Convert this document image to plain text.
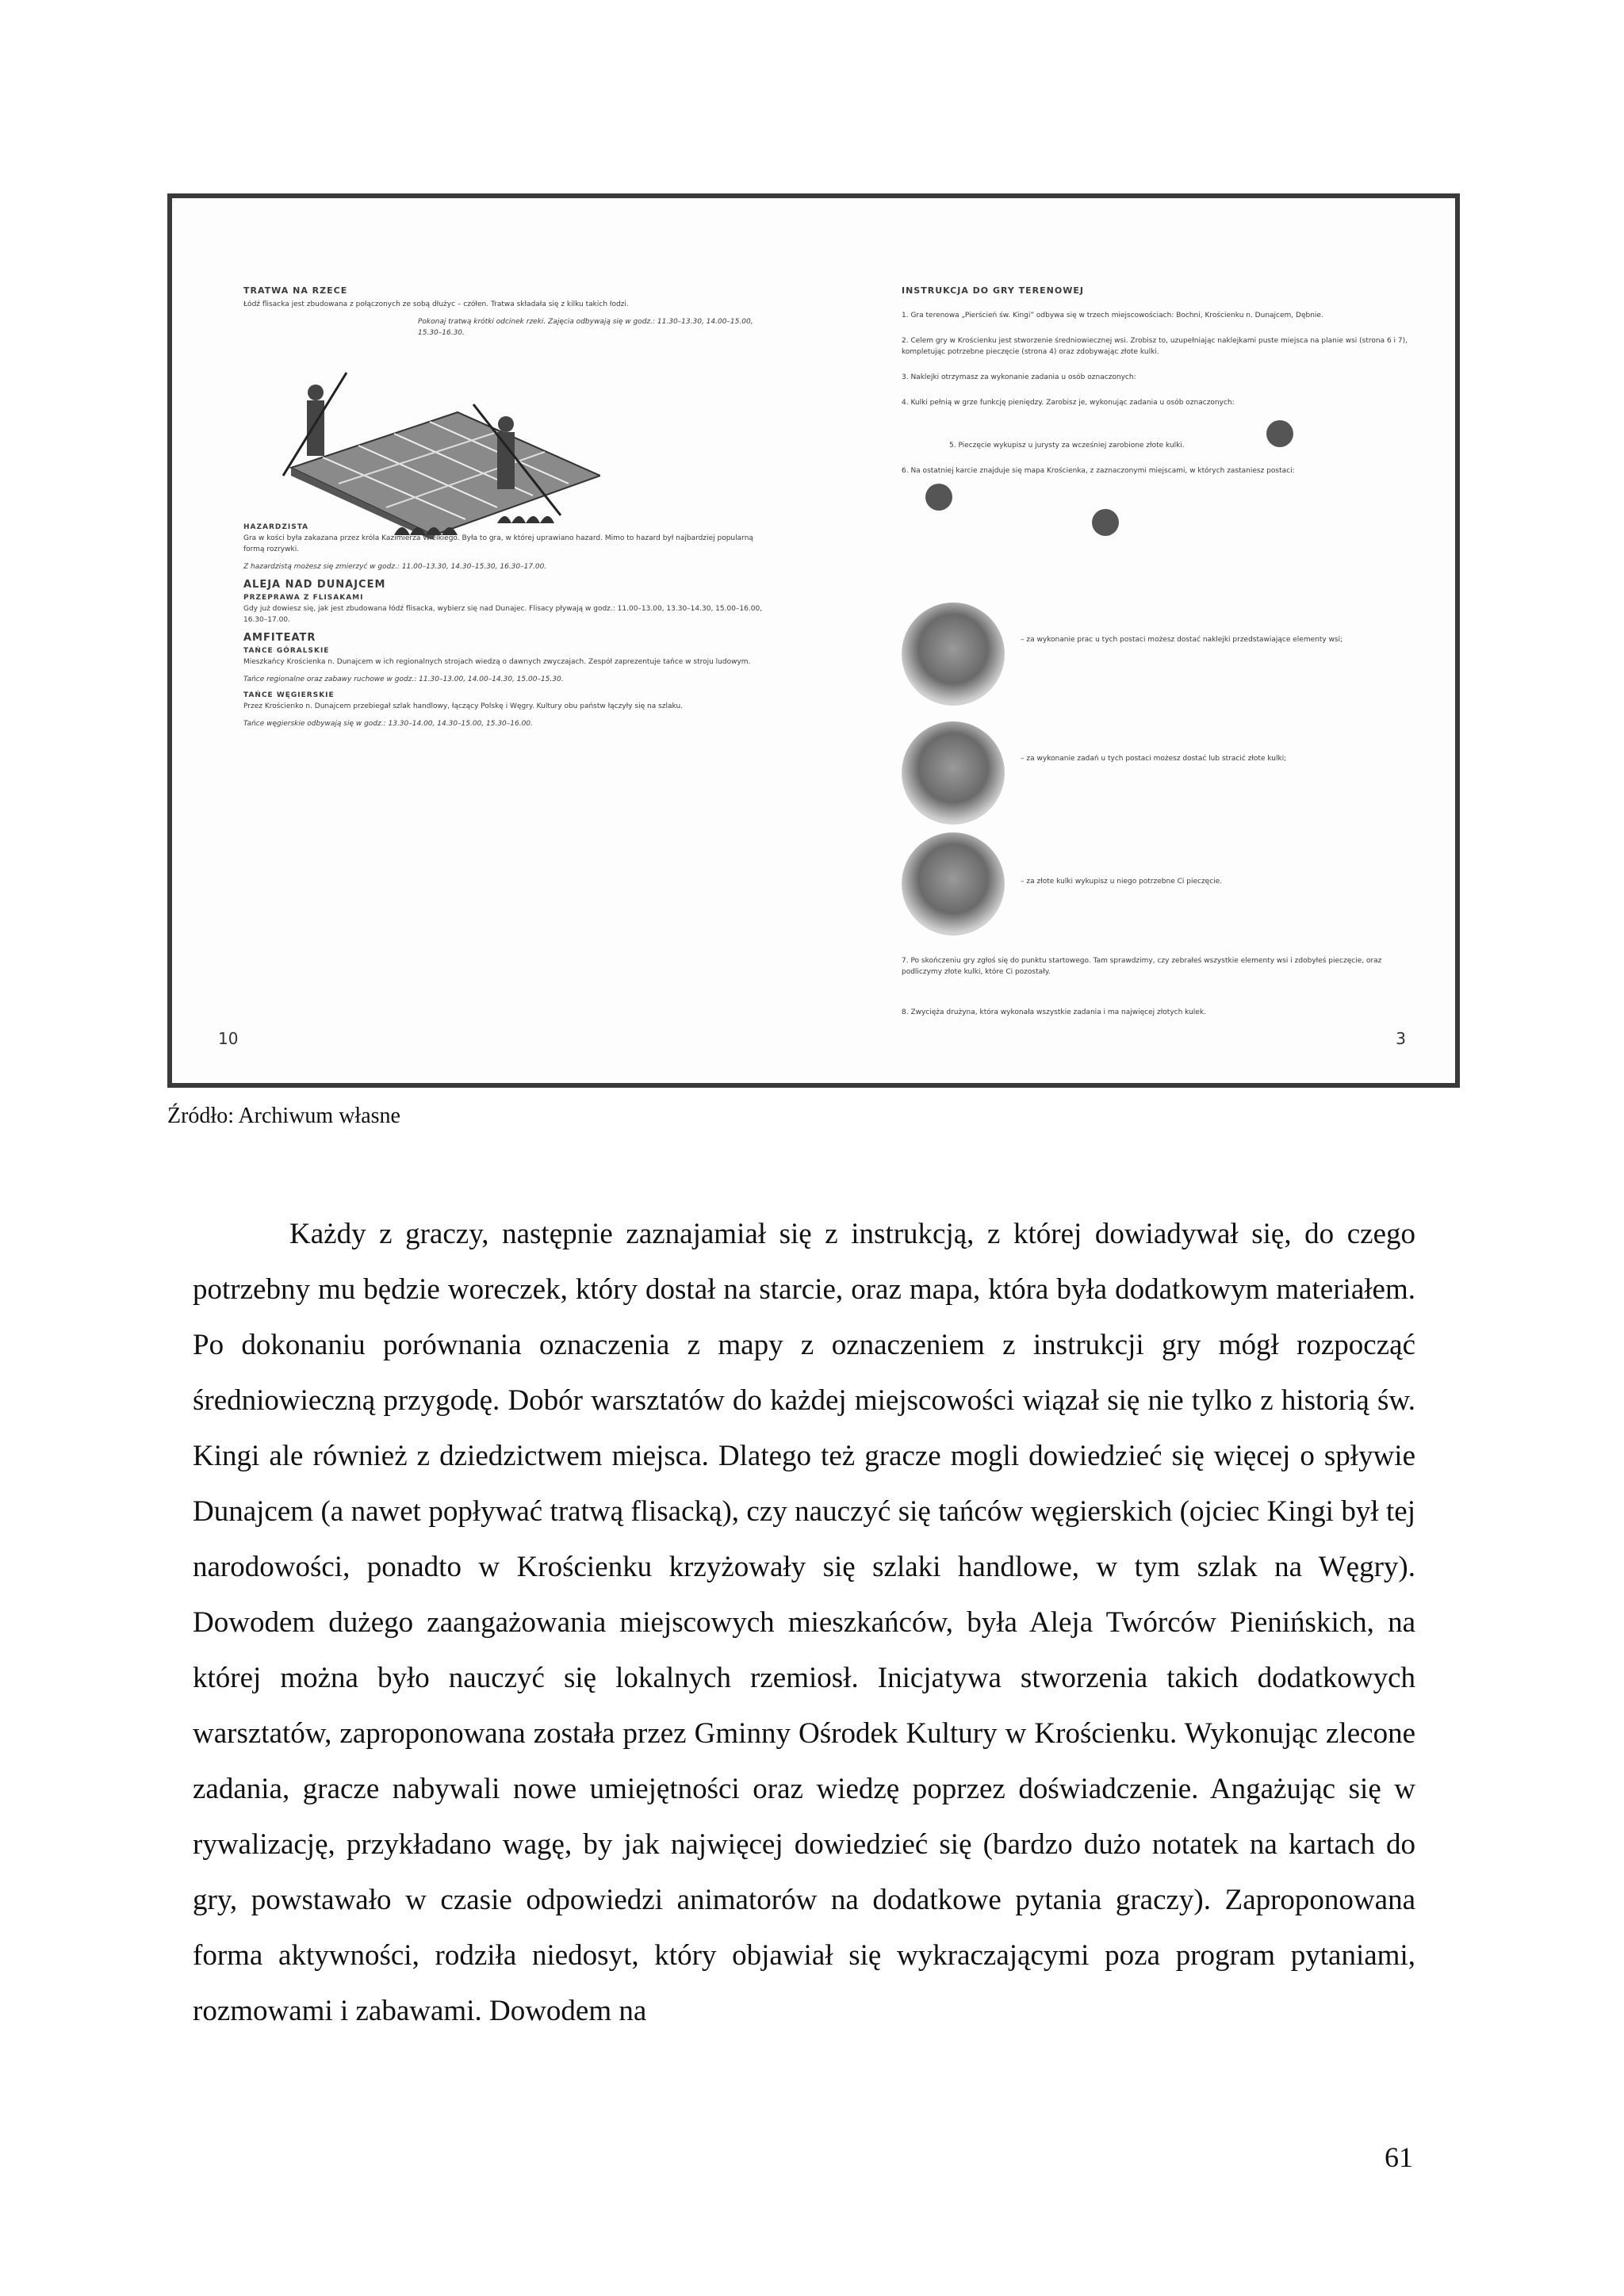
TRATWA NA RZECE

Łódź flisacka jest zbudowana z połączonych ze sobą dłużyc – czółen. Tratwa składała się z kilku takich łodzi.

Pokonaj tratwą krótki odcinek rzeki. Zajęcia odbywają się w godz.: 11.30–13.30, 14.00–15.00, 15.30–16.30.

HAZARDZISTA

Gra w kości była zakazana przez króla Kazimierza Wielkiego. Była to gra, w której uprawiano hazard. Mimo to hazard był najbardziej popularną formą rozrywki.

Z hazardzistą możesz się zmierzyć w godz.: 11.00–13.30, 14.30–15.30, 16.30–17.00.

ALEJA NAD DUNAJCEM
PRZEPRAWA Z FLISAKAMI

Gdy już dowiesz się, jak jest zbudowana łódź flisacka, wybierz się nad Dunajec. Flisacy pływają w godz.: 11.00–13.00, 13.30–14.30, 15.00–16.00, 16.30–17.00.

AMFITEATR
TAŃCE GÓRALSKIE

Mieszkańcy Krościenka n. Dunajcem w ich regionalnych strojach wiedzą o dawnych zwyczajach. Zespół zaprezentuje tańce w stroju ludowym.

Tańce regionalne oraz zabawy ruchowe w godz.: 11.30–13.00, 14.00–14.30, 15.00–15.30.

TAŃCE WĘGIERSKIE

Przez Krościenko n. Dunajcem przebiegał szlak handlowy, łączący Polskę i Węgry. Kultury obu państw łączyły się na szlaku.

Tańce węgierskie odbywają się w godz.: 13.30–14.00, 14.30–15.00, 15.30–16.00.

10
INSTRUKCJA DO GRY TERENOWEJ

1. Gra terenowa „Pierścień św. Kingi” odbywa się w trzech miejscowościach: Bochni, Krościenku n. Dunajcem, Dębnie.

2. Celem gry w Krościenku jest stworzenie średniowiecznej wsi. Zrobisz to, uzupełniając naklejkami puste miejsca na planie wsi (strona 6 i 7), kompletując potrzebne pieczęcie (strona 4) oraz zdobywając złote kulki.

3. Naklejki otrzymasz za wykonanie zadania u osób oznaczonych:

4. Kulki pełnią w grze funkcję pieniędzy. Zarobisz je, wykonując zadania u osób oznaczonych:

5. Pieczęcie wykupisz u jurysty za wcześniej zarobione złote kulki.

6. Na ostatniej karcie znajduje się mapa Krościenka, z zaznaczonymi miejscami, w których zastaniesz postaci:

– za wykonanie prac u tych postaci możesz dostać naklejki przedstawiające elementy wsi;
– za wykonanie zadań u tych postaci możesz dostać lub stracić złote kulki;
– za złote kulki wykupisz u niego potrzebne Ci pieczęcie.

7. Po skończeniu gry zgłoś się do punktu startowego. Tam sprawdzimy, czy zebrałeś wszystkie elementy wsi i zdobyłeś pieczęcie, oraz podliczymy złote kulki, które Ci pozostały.

8. Zwycięża drużyna, która wykonała wszystkie zadania i ma najwięcej złotych kulek.

3
Źródło: Archiwum własne

Każdy z graczy, następnie zaznajamiał się z instrukcją, z której dowiadywał się, do czego potrzebny mu będzie woreczek, który dostał na starcie, oraz mapa, która była dodatkowym materiałem. Po dokonaniu porównania oznaczenia z mapy z oznaczeniem z instrukcji gry mógł rozpocząć średniowieczną przygodę. Dobór warsztatów do każdej miejscowości wiązał się nie tylko z historią św. Kingi ale również z dziedzictwem miejsca. Dlatego też gracze mogli dowiedzieć się więcej o spływie Dunajcem (a nawet popływać tratwą flisacką), czy nauczyć się tańców węgierskich (ojciec Kingi był tej narodowości, ponadto w Krościenku krzyżowały się szlaki handlowe, w tym szlak na Węgry). Dowodem dużego zaangażowania miejscowych mieszkańców, była Aleja Twórców Pienińskich, na której można było nauczyć się lokalnych rzemiosł. Inicjatywa stworzenia takich dodatkowych warsztatów, zaproponowana została przez Gminny Ośrodek Kultury w Krościenku. Wykonując zlecone zadania, gracze nabywali nowe umiejętności oraz wiedzę poprzez doświadczenie. Angażując się w rywalizację, przykładano wagę, by jak najwięcej dowiedzieć się (bardzo dużo notatek na kartach do gry, powstawało w czasie odpowiedzi animatorów na dodatkowe pytania graczy). Zaproponowana forma aktywności, rodziła niedosyt, który objawiał się wykraczającymi poza program pytaniami, rozmowami i zabawami. Dowodem na

61
